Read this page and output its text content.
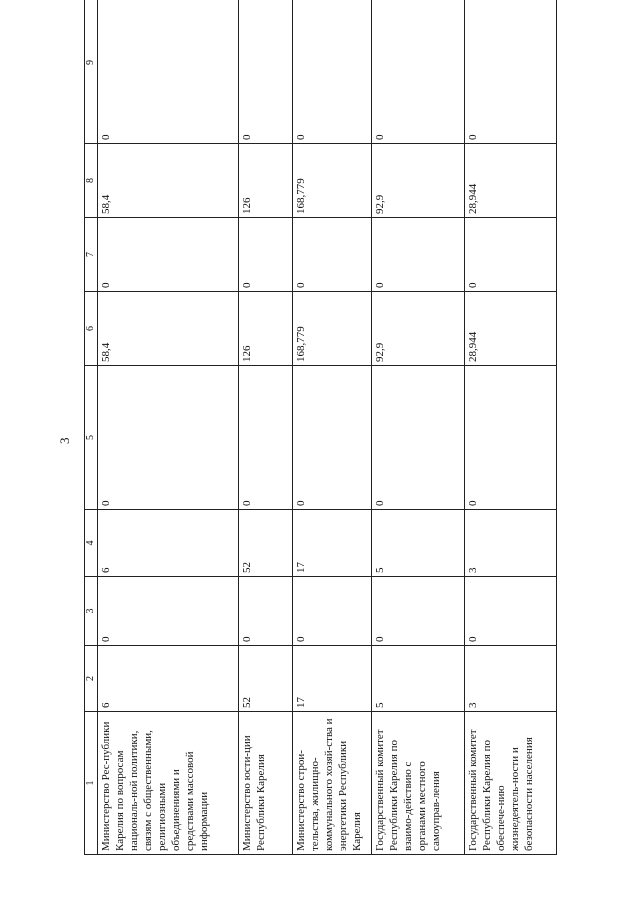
3
1	2	3	4	5	6	7	8	9
Министерство Рес-публики Карелия по вопросам националь-ной политики, связям с общественными, религиозными объединениями и средствами массовой информации	6	0	6	0	58,4	0	58,4	0
Министерство юсти-ции Республики Карелия	52	0	52	0	126	0	126	0
Министерство строи-тельства, жилищно-коммунального хозяй-ства и энергетики Республики Карелия	17	0	17	0	168,779	0	168,779	0
Государственный комитет Республики Карелия по взаимо-действию с органами местного самоуправ-ления	5	0	5	0	92,9	0	92,9	0
Государственный комитет Республики Карелия по обеспече-нию жизнедеятель-ности и безопасности населения	3	0	3	0	28,944	0	28,944	0
